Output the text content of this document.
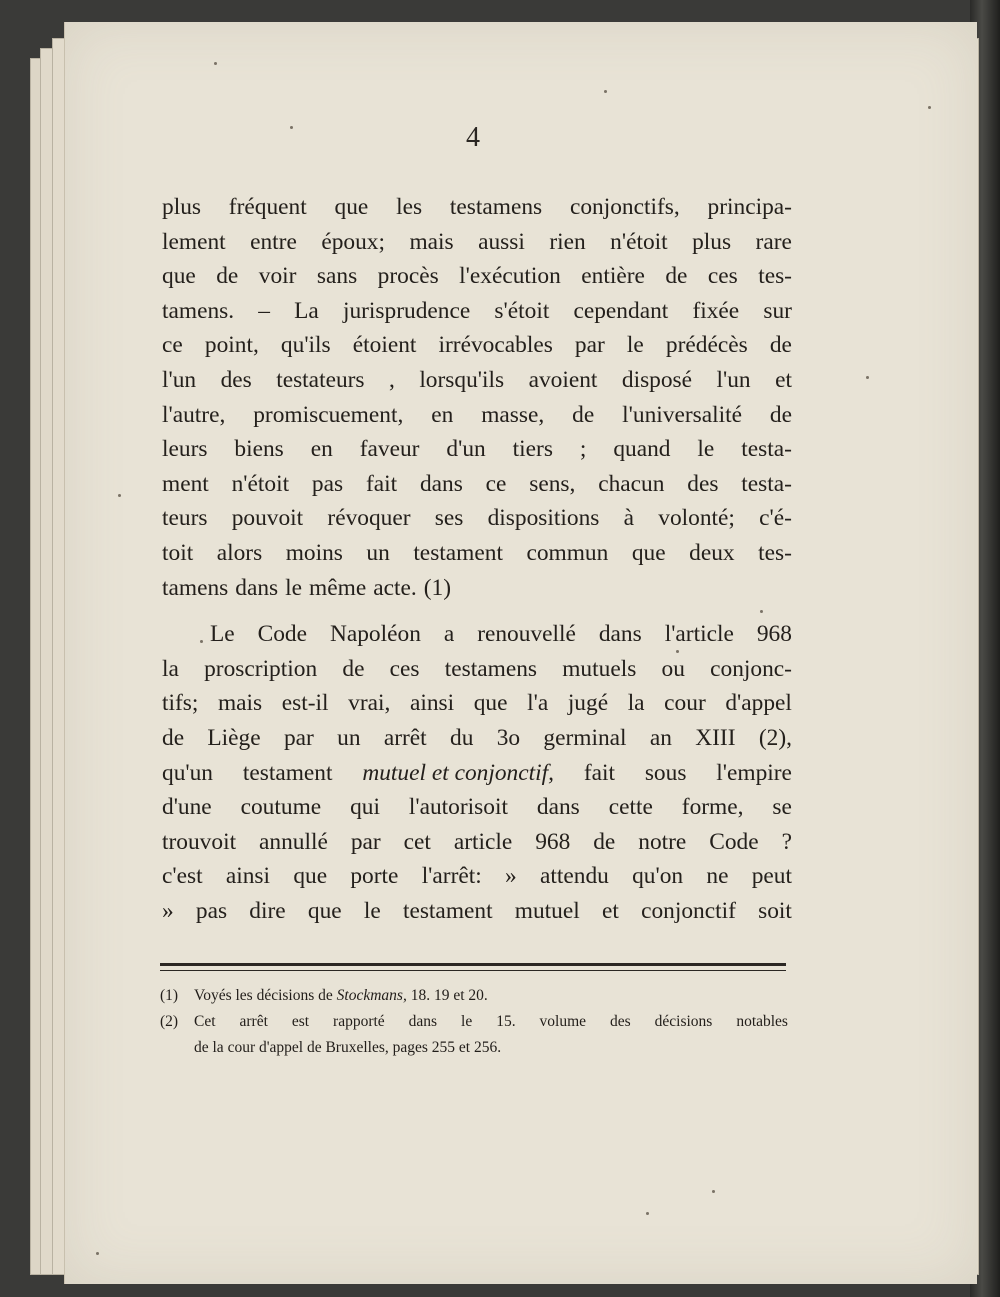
4
plus fréquent que les testamens conjonctifs, principa-
lement entre époux; mais aussi rien n'étoit plus rare
que de voir sans procès l'exécution entière de ces tes-
tamens. – La jurisprudence s'étoit cependant fixée sur
ce point, qu'ils étoient irrévocables par le prédécès de
l'un des testateurs , lorsqu'ils avoient disposé l'un et
l'autre, promiscuement, en masse, de l'universalité de
leurs biens en faveur d'un tiers ; quand le testa-
ment n'étoit pas fait dans ce sens, chacun des testa-
teurs pouvoit révoquer ses dispositions à volonté; c'é-
toit alors moins un testament commun que deux tes-
tamens dans le même acte. (1)
Le Code Napoléon a renouvellé dans l'article 968
la proscription de ces testamens mutuels ou conjonc-
tifs; mais est-il vrai, ainsi que l'a jugé la cour d'appel
de Liège par un arrêt du 3o germinal an XIII (2),
qu'un testament mutuel et conjonctif, fait sous l'empire
d'une coutume qui l'autorisoit dans cette forme, se
trouvoit annullé par cet article 968 de notre Code ?
c'est ainsi que porte l'arrêt: » attendu qu'on ne peut
» pas dire que le testament mutuel et conjonctif soit
(1)	Voyés les décisions de Stockmans, 18. 19 et 20.
(2)	Cet arrêt est rapporté dans le 15. volume des décisions notables
de la cour d'appel de Bruxelles, pages 255 et 256.
